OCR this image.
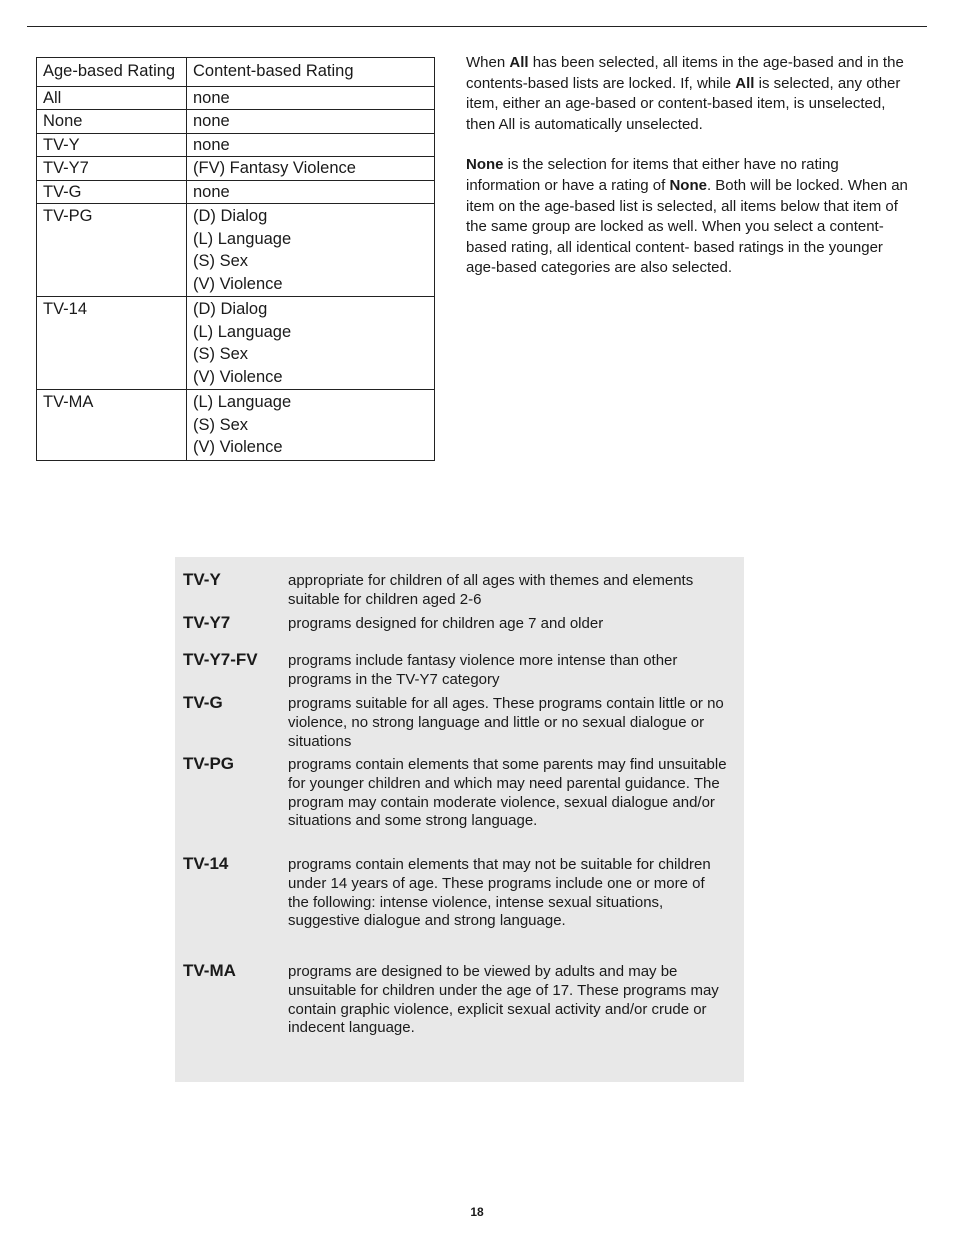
Age-based Rating	Content-based Rating
All	none

None	none

TV-Y	none

TV-Y7	(FV) Fantasy Violence

TV-G	none

TV-PG	(D) Dialog
(L) Language
(S) Sex
(V) Violence

TV-14	(D) Dialog
(L) Language
(S) Sex
(V) Violence

TV-MA	(L) Language
(S) Sex
(V) Violence

When All has been selected, all items in the age-based and in the contents-based lists are locked. If, while All is selected, any other item, either an age-based or content-based item, is unselected, then All is automatically unselected.

None is the selection for items that either have no rating information or have a rating of None. Both will be locked. When an item on the age-based list is selected, all items below that item of the same group are locked as well. When you select a content-based rating, all identical content- based ratings in the younger age-based categories are also selected.

TV-Y	appropriate for children of all ages with themes and elements suitable for children aged 2-6
TV-Y7	programs designed for children age 7 and older
TV-Y7-FV	programs include fantasy violence more intense than other programs in the TV-Y7 category
TV-G	programs suitable for all ages. These programs contain little or no violence, no strong language and little or no sexual dialogue or situations
TV-PG	programs contain elements that some parents may find unsuitable for younger children and which may need parental guidance. The program may contain moderate violence, sexual dialogue and/or situations and some strong language.
TV-14	programs contain elements that may not be suitable for children under 14 years of age. These programs include one or more of the following: intense violence, intense sexual situations, suggestive dialogue and strong language.
TV-MA	programs are designed to be viewed by adults and may be unsuitable for children under the age of 17. These programs may contain graphic violence, explicit sexual activity and/or crude or indecent language.
18
